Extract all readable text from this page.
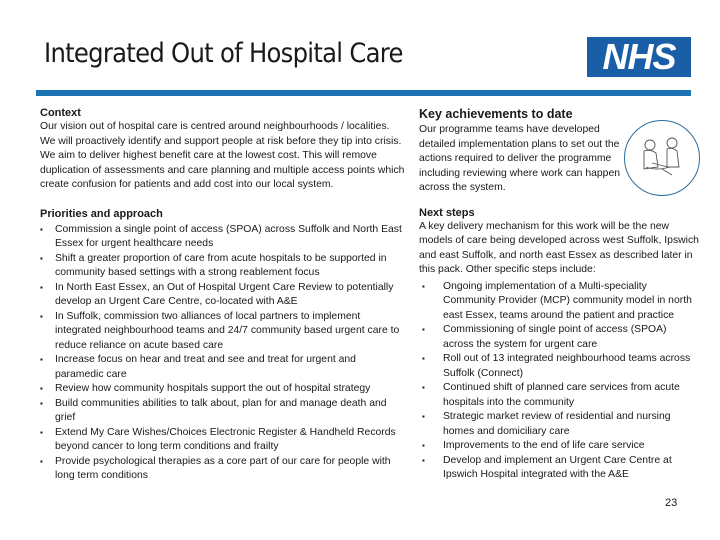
Integrated Out of Hospital Care	NHS
Context

Our vision out of hospital care is centred around neighbourhoods / localities. We will proactively identify and support people at risk before they tip into crisis. We aim to deliver highest benefit care at the lowest cost. This will remove duplication of assessments and care planning and multiple access points which create confusion for patients and add cost into our local system.

Priorities and approach
▪ Commission a single point of access (SPOA) across Suffolk and North East Essex for urgent healthcare needs
▪ Shift a greater proportion of care from acute hospitals to be supported in community based settings with a strong reablement focus
▪ In North East Essex, an Out of Hospital Urgent Care Review to potentially develop an Urgent Care Centre, co-located with A&E
▪ In Suffolk, commission two alliances of local partners to implement integrated neighbourhood teams and 24/7 community based urgent care to reduce reliance on acute based care
▪ Increase focus on hear and treat and see and treat for urgent and paramedic care
▪ Review how community hospitals support the out of hospital strategy
▪ Build communities abilities to talk about, plan for and manage death and grief
▪ Extend My Care Wishes/Choices Electronic Register & Handheld Records beyond cancer to long term conditions and frailty
▪ Provide psychological therapies as a core part of our care for people with long term conditions
Key achievements to date

Our programme teams have developed detailed implementation plans to set out the actions required to deliver the programme including reviewing where work can happen across the system.

Next steps

A key delivery mechanism for this work will be the new models of care being developed across west Suffolk, Ipswich and east Suffolk, and north east Essex as described later in this pack. Other specific steps include:

▪ Ongoing implementation of a Multi-speciality Community Provider (MCP) community model in north east Essex, teams around the patient and practice
▪ Commissioning of single point of access (SPOA) across the system for urgent care
▪ Roll out of 13 integrated neighbourhood teams across Suffolk (Connect)
▪ Continued shift of planned care services from acute hospitals into the community
▪ Strategic market review of residential and nursing homes and domiciliary care
▪ Improvements to the end of life care service
▪ Develop and implement an Urgent Care Centre at Ipswich Hospital integrated with the A&E
23
